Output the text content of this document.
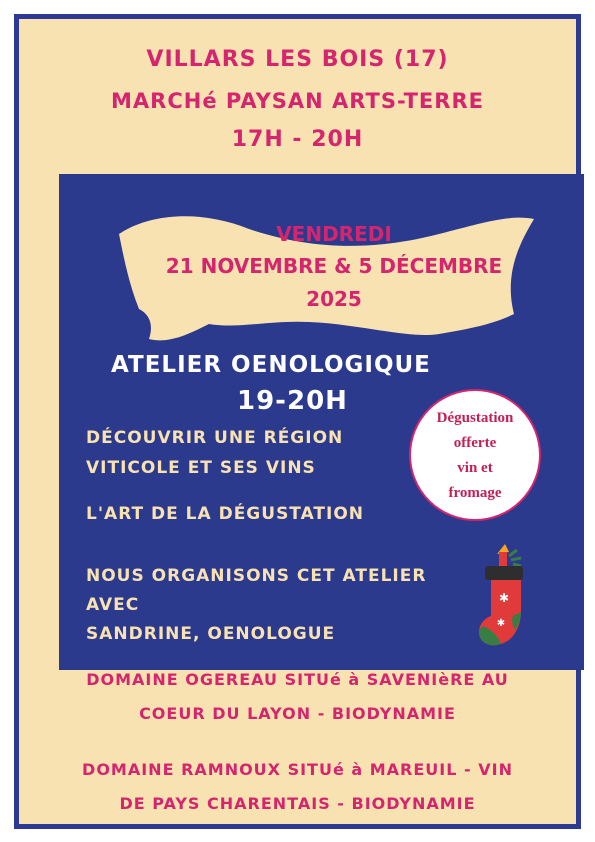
VILLARS LES BOIS (17)
MARCHé PAYSAN ARTS-TERRE
17H - 20H
VENDREDI
21 NOVEMBRE & 5 DÉCEMBRE
2025
ATELIER OENOLOGIQUE
19-20H
DÉCOUVRIR UNE RÉGION
VITICOLE ET SES VINS
L'ART DE LA DÉGUSTATION
NOUS ORGANISONS CET ATELIER
AVEC
SANDRINE, OENOLOGUE
Dégustation
offerte
vin et
fromage
✱
✱
DOMAINE OGEREAU SITUé à SAVENIèRE AU
COEUR DU LAYON - BIODYNAMIE
DOMAINE RAMNOUX SITUé à MAREUIL - VIN
DE PAYS CHARENTAIS - BIODYNAMIE
